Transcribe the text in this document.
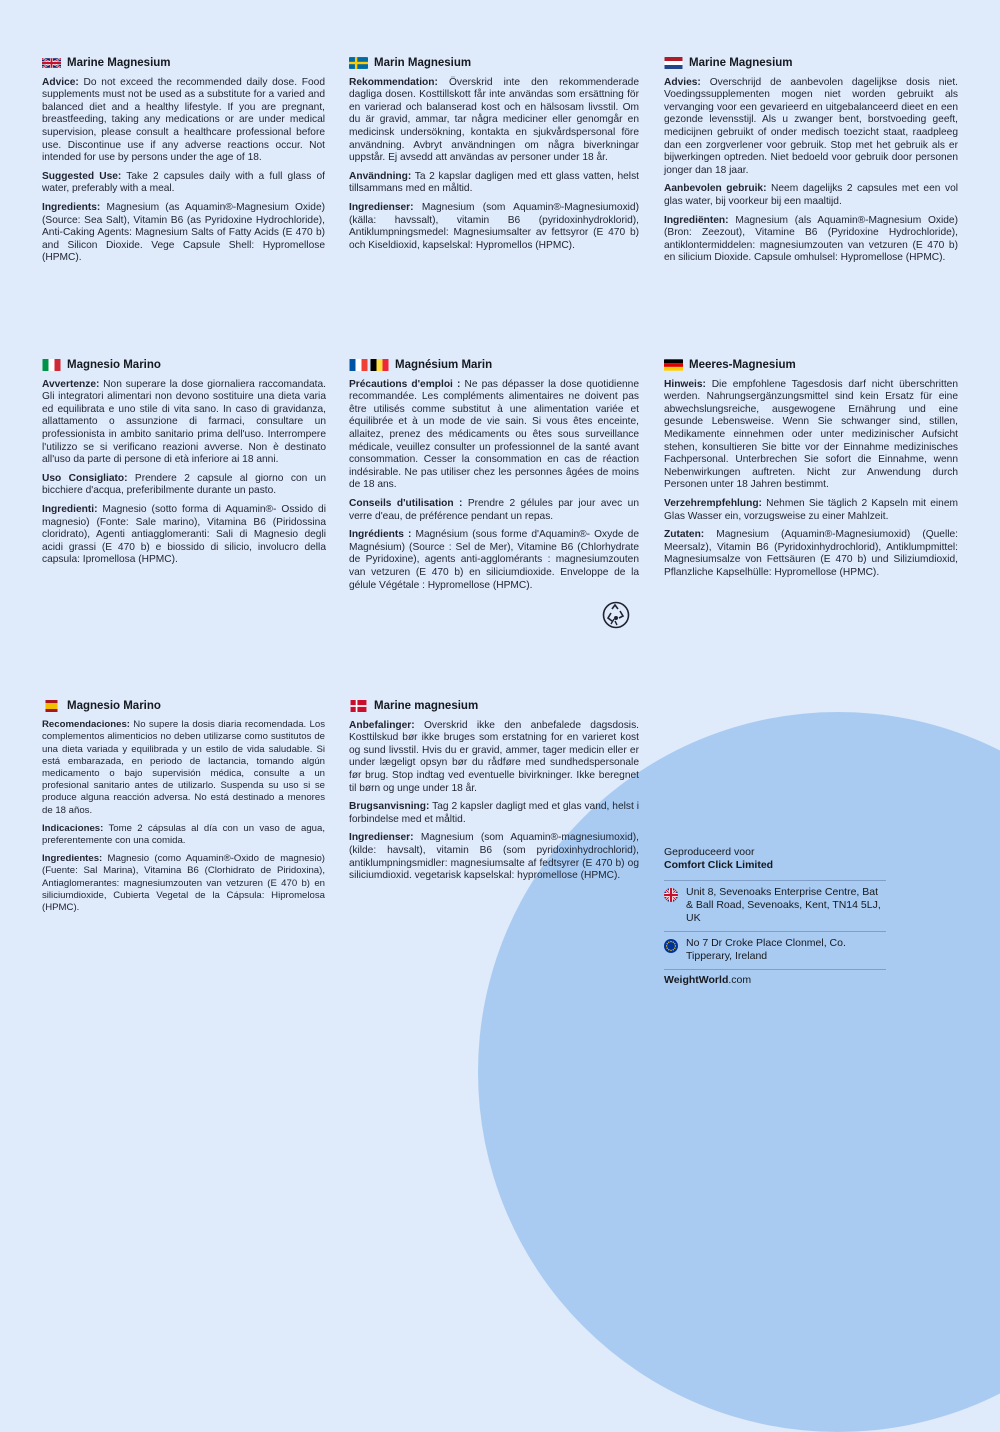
Marine Magnesium

Advice: Do not exceed the recommended daily dose. Food supplements must not be used as a substitute for a varied and balanced diet and a healthy lifestyle. If you are pregnant, breastfeeding, taking any medications or are under medical supervision, please consult a healthcare professional before use. Discontinue use if any adverse reactions occur. Not intended for use by persons under the age of 18.

Suggested Use: Take 2 capsules daily with a full glass of water, preferably with a meal.

Ingredients: Magnesium (as Aquamin®-Magnesium Oxide) (Source: Sea Salt), Vitamin B6 (as Pyridoxine Hydrochloride), Anti-Caking Agents: Magnesium Salts of Fatty Acids (E 470 b) and Silicon Dioxide. Vege Capsule Shell: Hypromellose (HPMC).

Marin Magnesium

Rekommendation: Överskrid inte den rekommenderade dagliga dosen. Kosttillskott får inte användas som ersättning för en varierad och balanserad kost och en hälsosam livsstil. Om du är gravid, ammar, tar några mediciner eller genomgår en medicinsk undersökning, kontakta en sjukvårdspersonal före användning. Avbryt användningen om några biverkningar uppstår. Ej avsedd att användas av personer under 18 år.

Användning: Ta 2 kapslar dagligen med ett glass vatten, helst tillsammans med en måltid.

Ingredienser: Magnesium (som Aquamin®-Magnesiumoxid) (källa: havssalt), vitamin B6 (pyridoxinhydroklorid), Antiklumpningsmedel: Magnesiumsalter av fettsyror (E 470 b) och Kiseldioxid, kapselskal: Hypromellos (HPMC).

Marine Magnesium

Advies: Overschrijd de aanbevolen dagelijkse dosis niet. Voedingssupplementen mogen niet worden gebruikt als vervanging voor een gevarieerd en uitgebalanceerd dieet en een gezonde levensstijl. Als u zwanger bent, borstvoeding geeft, medicijnen gebruikt of onder medisch toezicht staat, raadpleeg dan een zorgverlener voor gebruik. Stop met het gebruik als er bijwerkingen optreden. Niet bedoeld voor gebruik door personen jonger dan 18 jaar.

Aanbevolen gebruik: Neem dagelijks 2 capsules met een vol glas water, bij voorkeur bij een maaltijd.

Ingrediënten: Magnesium (als Aquamin®-Magnesium Oxide) (Bron: Zeezout), Vitamine B6 (Pyridoxine Hydrochloride), antiklontermiddelen: magnesiumzouten van vetzuren (E 470 b) en silicium Dioxide. Capsule omhulsel: Hypromellose (HPMC).

Magnesio Marino

Avvertenze: Non superare la dose giornaliera raccomandata. Gli integratori alimentari non devono sostituire una dieta varia ed equilibrata e uno stile di vita sano. In caso di gravidanza, allattamento o assunzione di farmaci, consultare un professionista in ambito sanitario prima dell'uso. Interrompere l'utilizzo se si verificano reazioni avverse. Non è destinato all'uso da parte di persone di età inferiore ai 18 anni.

Uso Consigliato: Prendere 2 capsule al giorno con un bicchiere d'acqua, preferibilmente durante un pasto.

Ingredienti: Magnesio (sotto forma di Aquamin®- Ossido di magnesio) (Fonte: Sale marino), Vitamina B6 (Piridossina cloridrato), Agenti antiagglomeranti: Sali di Magnesio degli acidi grassi (E 470 b) e biossido di silicio, involucro della capsula: Ipromellosa (HPMC).

Magnésium Marin

Précautions d'emploi : Ne pas dépasser la dose quotidienne recommandée. Les compléments alimentaires ne doivent pas être utilisés comme substitut à une alimentation variée et équilibrée et à un mode de vie sain. Si vous êtes enceinte, allaitez, prenez des médicaments ou êtes sous surveillance médicale, veuillez consulter un professionnel de la santé avant consommation. Cesser la consommation en cas de réaction indésirable. Ne pas utiliser chez les personnes âgées de moins de 18 ans.

Conseils d'utilisation : Prendre 2 gélules par jour avec un verre d'eau, de préférence pendant un repas.

Ingrédients : Magnésium (sous forme d'Aquamin®- Oxyde de Magnésium) (Source : Sel de Mer), Vitamine B6 (Chlorhydrate de Pyridoxine), agents anti-agglomérants : magnesiumzouten van vetzuren (E 470 b) en siliciumdioxide. Enveloppe de la gélule Végétale : Hypromellose (HPMC).

Meeres-Magnesium

Hinweis: Die empfohlene Tagesdosis darf nicht überschritten werden. Nahrungsergänzungsmittel sind kein Ersatz für eine abwechslungsreiche, ausgewogene Ernährung und eine gesunde Lebensweise. Wenn Sie schwanger sind, stillen, Medikamente einnehmen oder unter medizinischer Aufsicht stehen, konsultieren Sie bitte vor der Einnahme medizinisches Fachpersonal. Unterbrechen Sie sofort die Einnahme, wenn Nebenwirkungen auftreten. Nicht zur Anwendung durch Personen unter 18 Jahren bestimmt.

Verzehrempfehlung: Nehmen Sie täglich 2 Kapseln mit einem Glas Wasser ein, vorzugsweise zu einer Mahlzeit.

Zutaten: Magnesium (Aquamin®-Magnesiumoxid) (Quelle: Meersalz), Vitamin B6 (Pyridoxinhydrochlorid), Antiklumpmittel: Magnesiumsalze von Fettsäuren (E 470 b) und Siliziumdioxid, Pflanzliche Kapselhülle: Hypromellose (HPMC).

Magnesio Marino

Recomendaciones: No supere la dosis diaria recomendada. Los complementos alimenticios no deben utilizarse como sustitutos de una dieta variada y equilibrada y un estilo de vida saludable. Si está embarazada, en periodo de lactancia, tomando algún medicamento o bajo supervisión médica, consulte a un profesional sanitario antes de utilizarlo. Suspenda su uso si se produce alguna reacción adversa. No está destinado a menores de 18 años.

Indicaciones: Tome 2 cápsulas al día con un vaso de agua, preferentemente con una comida.

Ingredientes: Magnesio (como Aquamin®-Oxido de magnesio) (Fuente: Sal Marina), Vitamina B6 (Clorhidrato de Piridoxina), Antiaglomerantes: magnesiumzouten van vetzuren (E 470 b) en siliciumdioxide, Cubierta Vegetal de la Cápsula: Hipromelosa (HPMC).

Marine magnesium

Anbefalinger: Overskrid ikke den anbefalede dagsdosis. Kosttilskud bør ikke bruges som erstatning for en varieret kost og sund livsstil. Hvis du er gravid, ammer, tager medicin eller er under lægeligt opsyn bør du rådføre med sundhedspersonale før brug. Stop indtag ved eventuelle bivirkninger. Ikke beregnet til børn og unge under 18 år.

Brugsanvisning: Tag 2 kapsler dagligt med et glas vand, helst i forbindelse med et måltid.

Ingredienser: Magnesium (som Aquamin®-magnesiumoxid), (kilde: havsalt), vitamin B6 (som pyridoxinhydrochlorid), antiklumpningsmidler: magnesiumsalte af fedtsyrer (E 470 b) og siliciumdioxid. vegetarisk kapselskal: hypromellose (HPMC).

Geproduceerd voor

Comfort Click Limited

Unit 8, Sevenoaks Enterprise Centre, Bat & Ball Road, Sevenoaks, Kent, TN14 5LJ, UK
No 7 Dr Croke Place Clonmel, Co. Tipperary, Ireland
WeightWorld.com
